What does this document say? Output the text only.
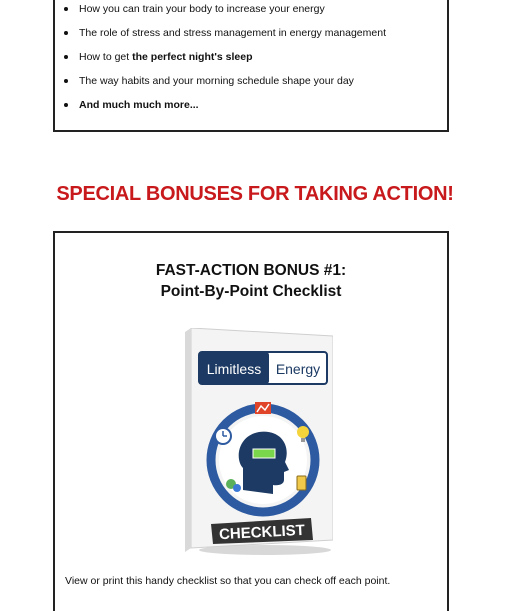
How you can train your body to increase your energy
The role of stress and stress management in energy management
How to get the perfect night's sleep
The way habits and your morning schedule shape your day
And much much more...
SPECIAL BONUSES FOR TAKING ACTION!
FAST-ACTION BONUS #1:
Point-By-Point Checklist
Limitless Energy
CHECKLIST
View or print this handy checklist so that you can check off each point.
